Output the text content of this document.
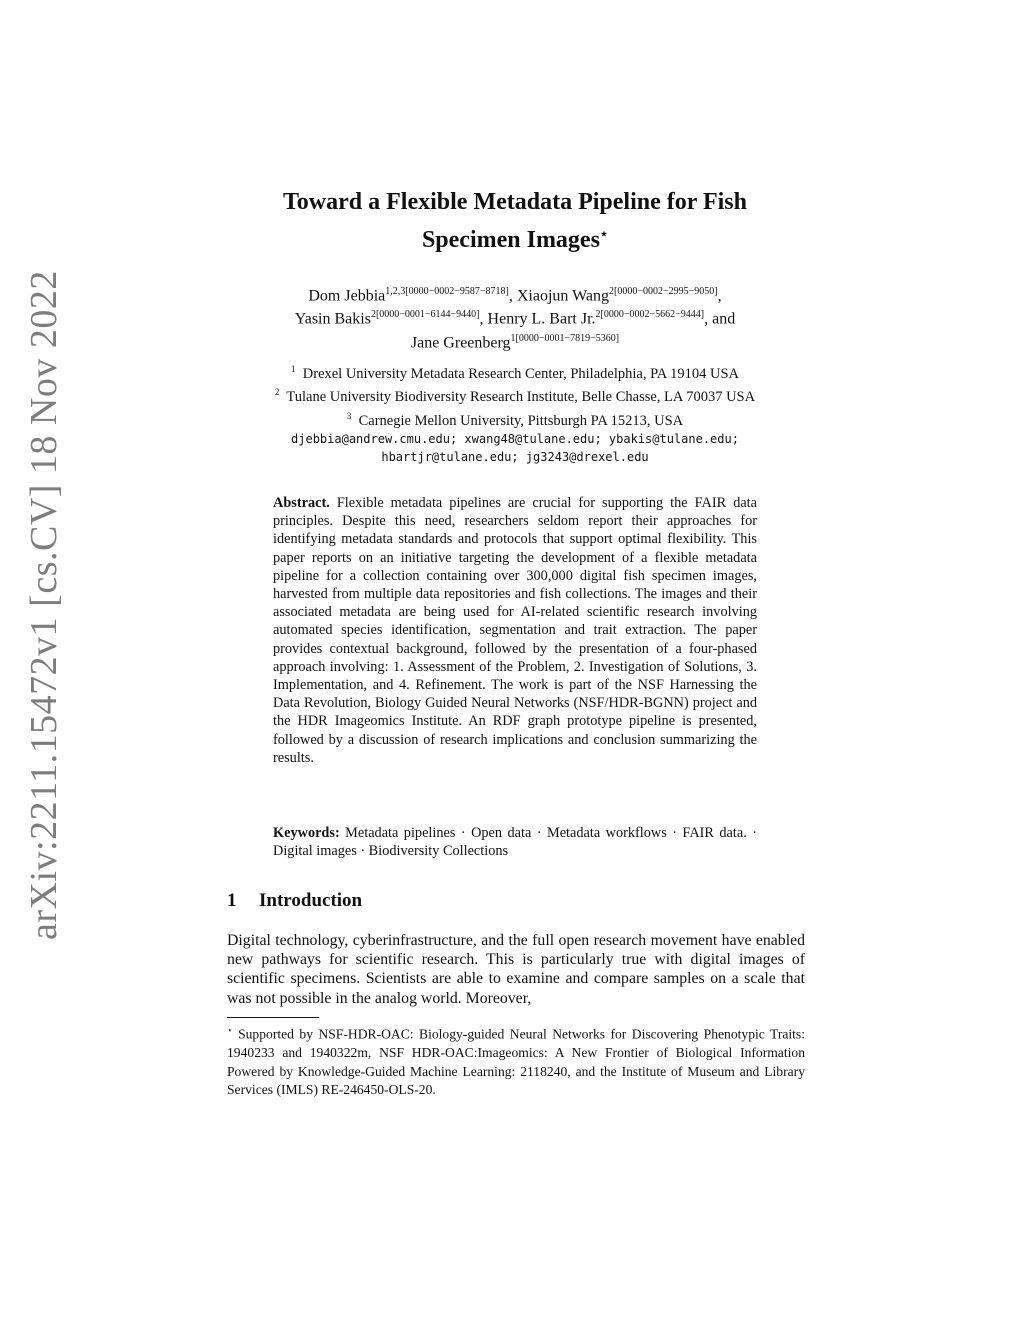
arXiv:2211.15472v1 [cs.CV] 18 Nov 2022
Toward a Flexible Metadata Pipeline for Fish
Specimen Images⋆
Dom Jebbia$^{1,2,3[0000-0002-9587-8718]}$, Xiaojun Wang$^{2[0000-0002-2995-9050]}$,
Yasin Bakis$^{2[0000-0001-6144-9440]}$, Henry L. Bart Jr.$^{2[0000-0002-5662-9444]}$, and
Jane Greenberg$^{1[0000-0001-7819-5360]}$
$^1$ Drexel University Metadata Research Center, Philadelphia, PA 19104 USA
$^2$ Tulane University Biodiversity Research Institute, Belle Chasse, LA 70037 USA
$^3$ Carnegie Mellon University, Pittsburgh PA 15213, USA
djebbia@andrew.cmu.edu; xwang48@tulane.edu; ybakis@tulane.edu;
hbartjr@tulane.edu; jg3243@drexel.edu
Abstract. Flexible metadata pipelines are crucial for supporting the FAIR data principles. Despite this need, researchers seldom report their approaches for identifying metadata standards and protocols that support optimal flexibility. This paper reports on an initiative targeting the development of a flexible metadata pipeline for a collection containing over 300,000 digital fish specimen images, harvested from multiple data repositories and fish collections. The images and their associated metadata are being used for AI-related scientific research involving automated species identification, segmentation and trait extraction. The paper provides contextual background, followed by the presentation of a four-phased approach involving: 1. Assessment of the Problem, 2. Investigation of Solutions, 3. Implementation, and 4. Refinement. The work is part of the NSF Harnessing the Data Revolution, Biology Guided Neural Networks (NSF/HDR-BGNN) project and the HDR Imageomics Institute. An RDF graph prototype pipeline is presented, followed by a discussion of research implications and conclusion summarizing the results.
Keywords: Metadata pipelines · Open data · Metadata workflows · FAIR data. · Digital images · Biodiversity Collections
1 Introduction
Digital technology, cyberinfrastructure, and the full open research movement have enabled new pathways for scientific research. This is particularly true with digital images of scientific specimens. Scientists are able to examine and compare samples on a scale that was not possible in the analog world. Moreover,
⋆ Supported by NSF-HDR-OAC: Biology-guided Neural Networks for Discovering Phenotypic Traits: 1940233 and 1940322m, NSF HDR-OAC:Imageomics: A New Frontier of Biological Information Powered by Knowledge-Guided Machine Learning: 2118240, and the Institute of Museum and Library Services (IMLS) RE-246450-OLS-20.
